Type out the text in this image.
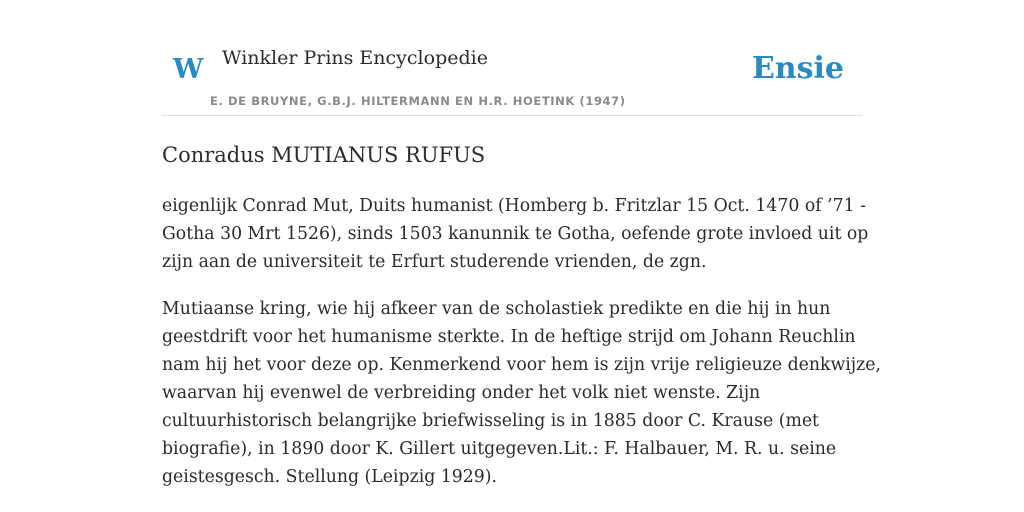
W Winkler Prins Encyclopedie
E. DE BRUYNE, G.B.J. HILTERMANN EN H.R. HOETINK (1947)
Ensie
Conradus MUTIANUS RUFUS

eigenlijk Conrad Mut, Duits humanist (Homberg b. Fritzlar 15 Oct. 1470 of ’71 -
Gotha 30 Mrt 1526), sinds 1503 kanunnik te Gotha, oefende grote invloed uit op
zijn aan de universiteit te Erfurt studerende vrienden, de zgn.

Mutiaanse kring, wie hij afkeer van de scholastiek predikte en die hij in hun
geestdrift voor het humanisme sterkte. In de heftige strijd om Johann Reuchlin
nam hij het voor deze op. Kenmerkend voor hem is zijn vrije religieuze denkwijze,
waarvan hij evenwel de verbreiding onder het volk niet wenste. Zijn
cultuurhistorisch belangrijke briefwisseling is in 1885 door C. Krause (met
biografie), in 1890 door K. Gillert uitgegeven.Lit.: F. Halbauer, M. R. u. seine
geistesgesch. Stellung (Leipzig 1929).
